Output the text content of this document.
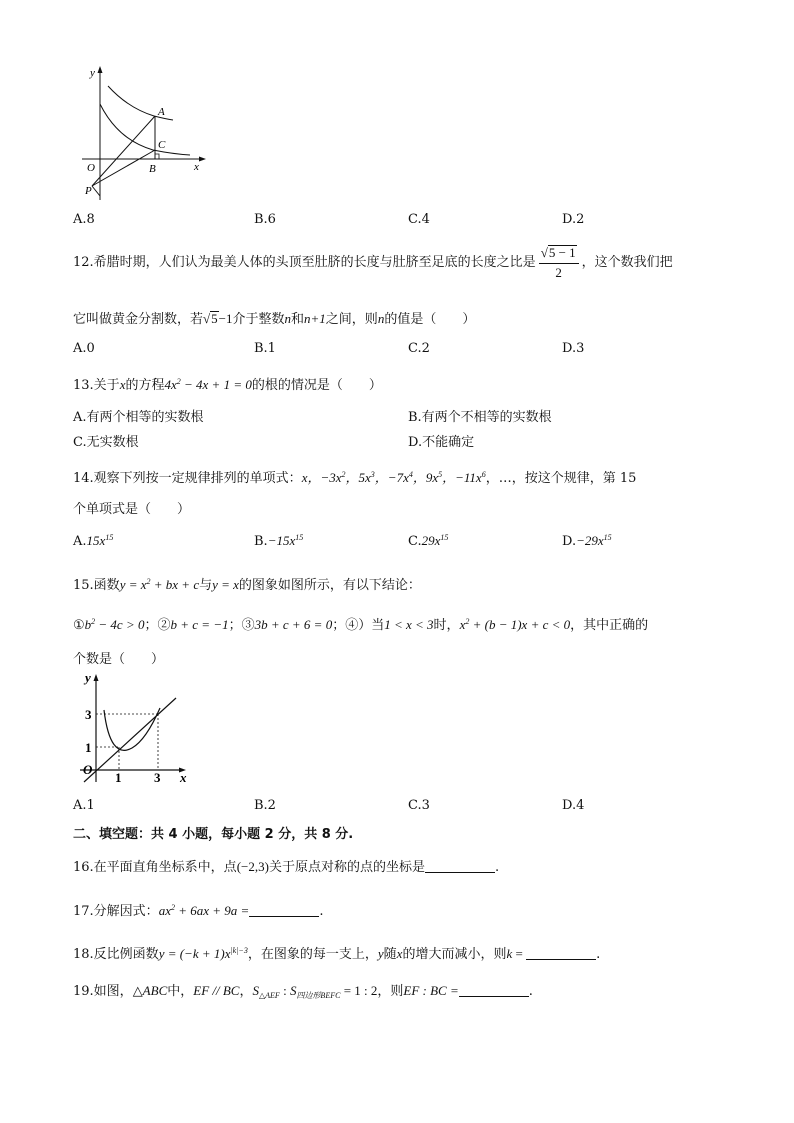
y
x
O
P
A
B
C
A.8	B.6	C.4	D.2
12.希腊时期，人们认为最美人体的头顶至肚脐的长度与肚脐至足底的长度之比是 $\frac{√5 - 1}{2}$ ，这个数我们把
它叫做黄金分割数，若√5−1介于整数n和n+1之间，则n的值是（　　）
A.0	B.1	C.2	D.3
13.关于x的方程$4x^2 - 4x + 1 = 0$的根的情况是（　　）
A.有两个相等的实数根	B.有两个不相等的实数根
C.无实数根	D.不能确定
14.观察下列按一定规律排列的单项式：x，$-3x^2$，$5x^3$，$-7x^4$，$9x^5$，$-11x^6$，…，按这个规律，第 15
个单项式是（　　）
$A.15x^{15}$	$B.-15x^{15}$	$C.29x^{15}$	$D.-29x^{15}$
15.函数$y = x^2$ + bx + c与y = x的图象如图所示，有以下结论：
$①b^2 - 4c > 0$；②b + c = −1；③3b + c + 6 = 0；④）当1 < x < 3时，$x^2 + (b - 1)x + c < 0$，其中正确的
个数是（　　）
y
x
O
1	3
1
3
A.1	B.2	C.3	D.4
二、填空题：共 4 小题，每小题 2 分，共 8 分.
16.在平面直角坐标系中，点(−2,3)关于原点对称的点的坐标是	.
17.分解因式：$ax^2 + 6ax + 9a$ =	.
18.反比例函数$y = (-k + 1)x^{|k|-3}$，在图象的每一支上，y随x的增大而减小，则k =	.
19.如图，△ABC中，EF // BC，$S_{\triangle AEF}$ : $S_{四边形BEFC} = 1$ : 2，则EF : BC =	.
